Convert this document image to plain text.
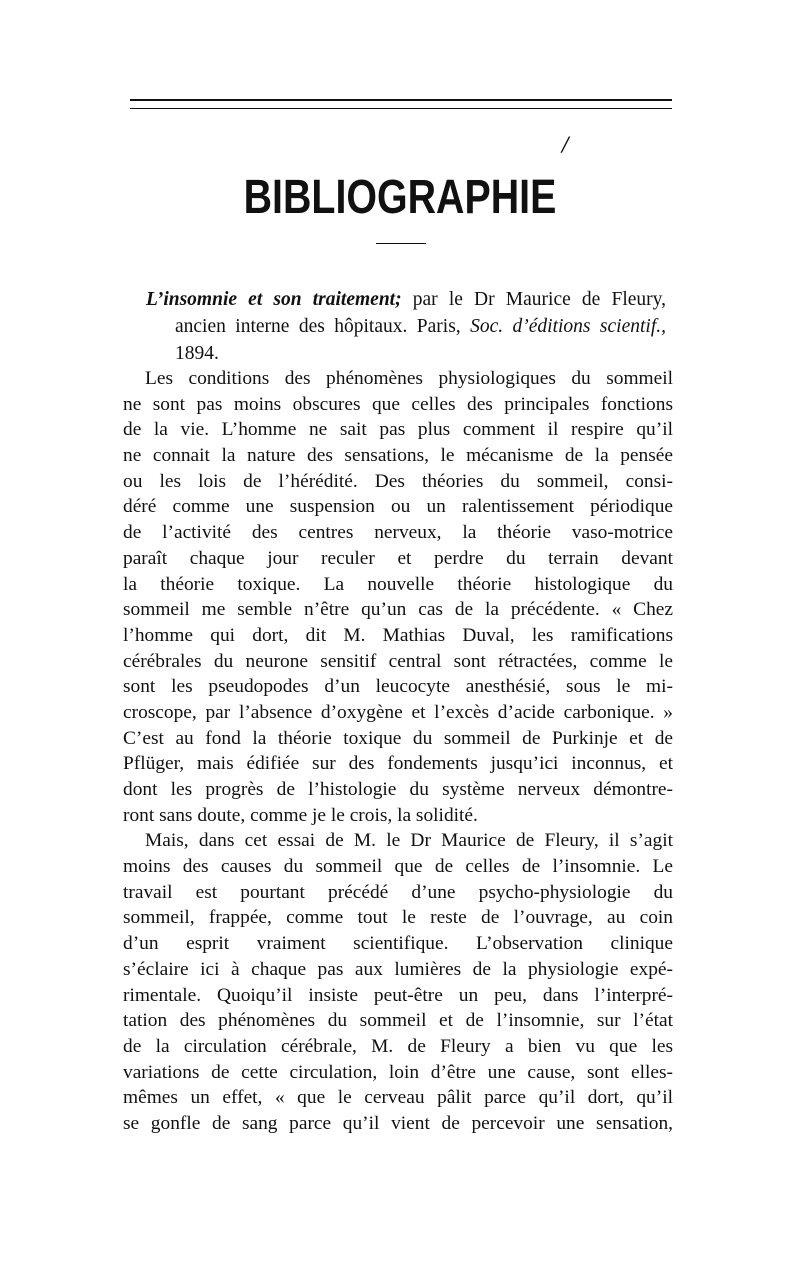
/
BIBLIOGRAPHIE
L’insomnie et son traitement; par le Dr Maurice de Fleury,
ancien interne des hôpitaux. Paris, Soc. d’éditions scientif.,
1894.
Les conditions des phénomènes physiologiques du sommeil
ne sont pas moins obscures que celles des principales fonctions
de la vie. L’homme ne sait pas plus comment il respire qu’il
ne connait la nature des sensations, le mécanisme de la pensée
ou les lois de l’hérédité. Des théories du sommeil, consi-
déré comme une suspension ou un ralentissement périodique
de l’activité des centres nerveux, la théorie vaso-motrice
paraît chaque jour reculer et perdre du terrain devant
la théorie toxique. La nouvelle théorie histologique du
sommeil me semble n’être qu’un cas de la précédente. « Chez
l’homme qui dort, dit M. Mathias Duval, les ramifications
cérébrales du neurone sensitif central sont rétractées, comme le
sont les pseudopodes d’un leucocyte anesthésié, sous le mi-
croscope, par l’absence d’oxygène et l’excès d’acide carbonique. »
C’est au fond la théorie toxique du sommeil de Purkinje et de
Pflüger, mais édifiée sur des fondements jusqu’ici inconnus, et
dont les progrès de l’histologie du système nerveux démontre-
ront sans doute, comme je le crois, la solidité.
Mais, dans cet essai de M. le Dr Maurice de Fleury, il s’agit
moins des causes du sommeil que de celles de l’insomnie. Le
travail est pourtant précédé d’une psycho-physiologie du
sommeil, frappée, comme tout le reste de l’ouvrage, au coin
d’un esprit vraiment scientifique. L’observation clinique
s’éclaire ici à chaque pas aux lumières de la physiologie expé-
rimentale. Quoiqu’il insiste peut-être un peu, dans l’interpré-
tation des phénomènes du sommeil et de l’insomnie, sur l’état
de la circulation cérébrale, M. de Fleury a bien vu que les
variations de cette circulation, loin d’être une cause, sont elles-
mêmes un effet, « que le cerveau pâlit parce qu’il dort, qu’il
se gonfle de sang parce qu’il vient de percevoir une sensation,
